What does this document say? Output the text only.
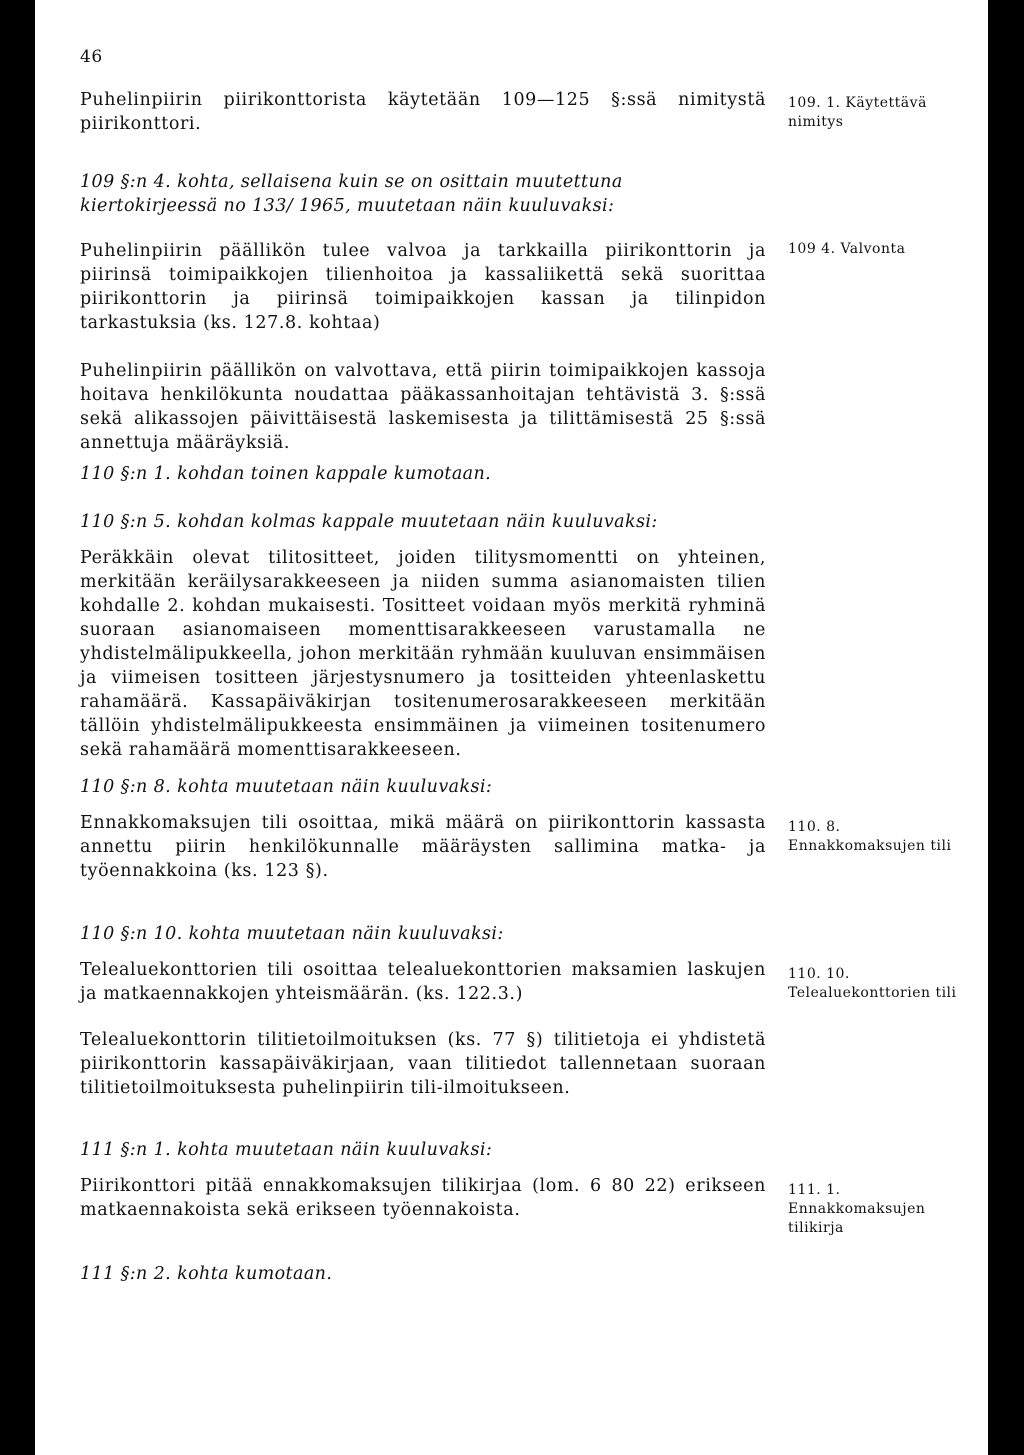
46

Puhelinpiirin piirikonttorista käytetään 109—125 §:ssä nimitystä piirikonttori.

109. 1. Käytettävä nimitys

109 §:n 4. kohta, sellaisena kuin se on osittain muutettuna kiertokirjeessä no 133/ 1965, muutetaan näin kuuluvaksi:

Puhelinpiirin päällikön tulee valvoa ja tarkkailla piirikonttorin ja piirinsä toimipaikkojen tilienhoitoa ja kassaliikettä sekä suorittaa piirikonttorin ja piirinsä toimipaikkojen kassan ja tilinpidon tarkastuksia (ks. 127.8. kohtaa)

Puhelinpiirin päällikön on valvottava, että piirin toimipaikkojen kassoja hoitava henkilökunta noudattaa pääkassanhoitajan tehtävistä 3. §:ssä sekä alikassojen päivittäisestä laskemisesta ja tilittämisestä 25 §:ssä annettuja määräyksiä.

109 4. Valvonta

110 §:n 1. kohdan toinen kappale kumotaan.

110 §:n 5. kohdan kolmas kappale muutetaan näin kuuluvaksi:

Peräkkäin olevat tilitositteet, joiden tilitysmomentti on yhteinen, merkitään keräilysarakkeeseen ja niiden summa asianomaisten tilien kohdalle 2. kohdan mukaisesti. Tositteet voidaan myös merkitä ryhminä suoraan asianomaiseen momenttisarakkeeseen varustamalla ne yhdistelmälipukkeella, johon merkitään ryhmään kuuluvan ensimmäisen ja viimeisen tositteen järjestysnumero ja tositteiden yhteenlaskettu rahamäärä. Kassapäiväkirjan tositenumerosarakkeeseen merkitään tällöin yhdistelmälipukkeesta ensimmäinen ja viimeinen tositenumero sekä rahamäärä momenttisarakkeeseen.

110 §:n 8. kohta muutetaan näin kuuluvaksi:

Ennakkomaksujen tili osoittaa, mikä määrä on piirikonttorin kassasta annettu piirin henkilökunnalle määräysten sallimina matka- ja työennakkoina (ks. 123 §).

110. 8. Ennakkomaksujen tili

110 §:n 10. kohta muutetaan näin kuuluvaksi:

Telealuekonttorien tili osoittaa telealuekonttorien maksamien laskujen ja matkaennakkojen yhteismäärän. (ks. 122.3.)

Telealuekonttorin tilitietoilmoituksen (ks. 77 §) tilitietoja ei yhdistetä piirikonttorin kassapäiväkirjaan, vaan tilitiedot tallennetaan suoraan tilitietoilmoituksesta puhelinpiirin tili-ilmoitukseen.

110. 10. Telealuekonttorien tili

111 §:n 1. kohta muutetaan näin kuuluvaksi:

Piirikonttori pitää ennakkomaksujen tilikirjaa (lom. 6 80 22) erikseen matkaennakoista sekä erikseen työennakoista.

111. 1. Ennakkomaksujen tilikirja

111 §:n 2. kohta kumotaan.
